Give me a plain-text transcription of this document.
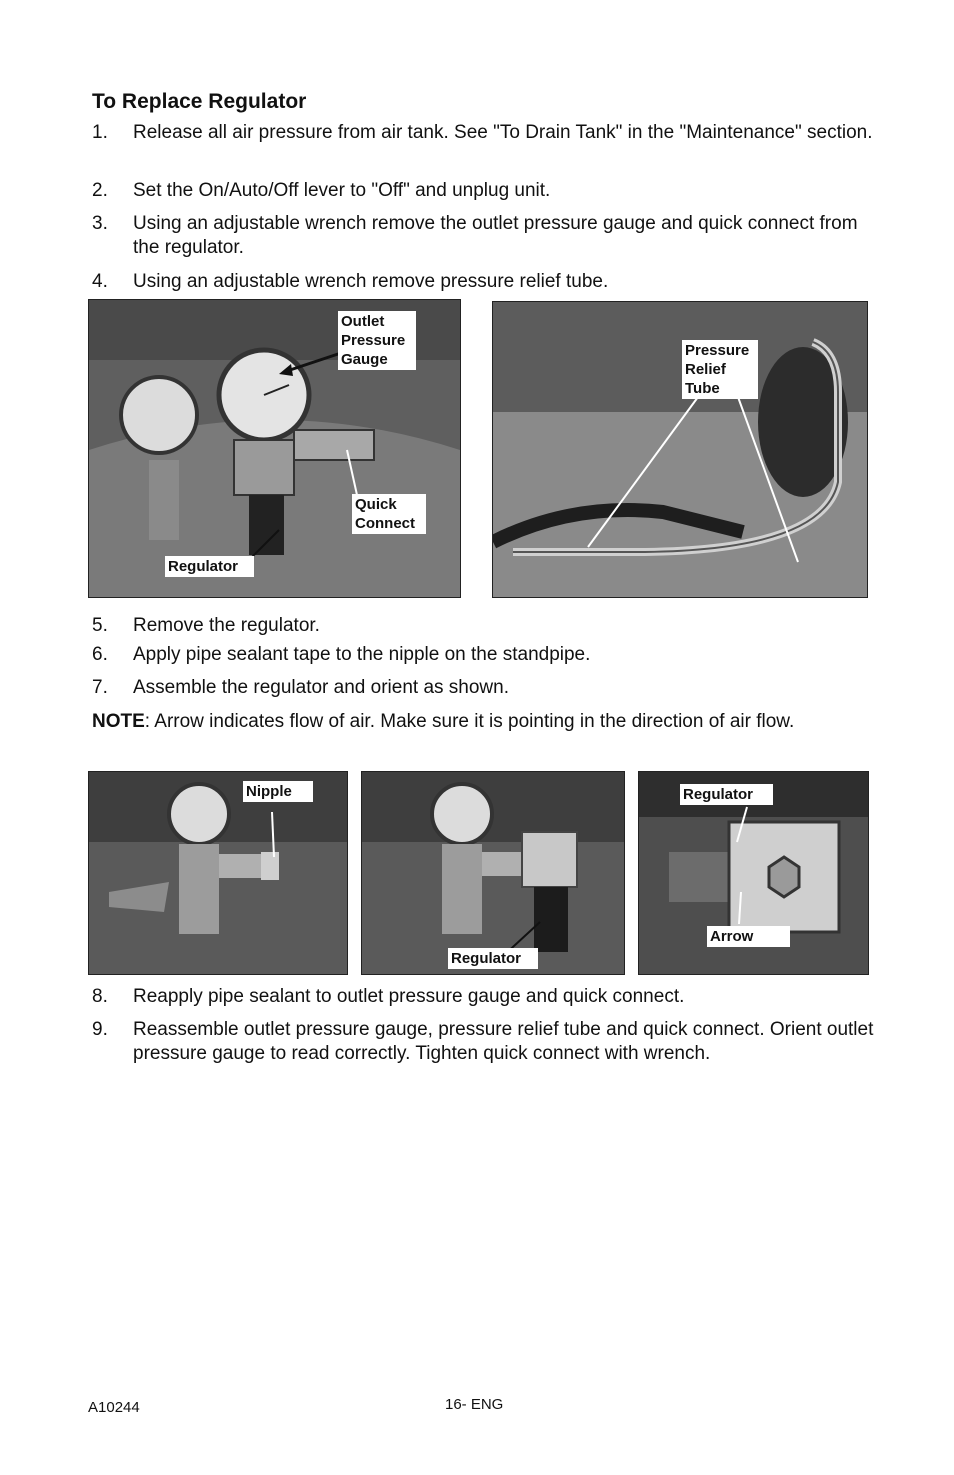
To Replace Regulator
1.	Release all air pressure from air tank. See "To Drain Tank" in the "Maintenance" section.
2.	Set the On/Auto/Off lever to "Off" and unplug unit.
3.	Using an adjustable wrench remove the outlet pressure gauge and quick connect from the regulator.
4.	Using an adjustable wrench remove pressure relief tube.
Outlet Pressure Gauge
Quick Connect
Regulator
Pressure Relief Tube
5.	Remove the regulator.
6.	Apply pipe sealant tape to the nipple on the standpipe.
7.	Assemble the regulator and orient as shown.
NOTE: Arrow indicates flow of air. Make sure it is pointing in the direction of air flow.
Nipple
Regulator
Regulator
Arrow
8.	Reapply pipe sealant to outlet pressure gauge and quick connect.
9.	Reassemble outlet pressure gauge, pressure relief tube and quick connect. Orient outlet pressure gauge to read correctly. Tighten quick connect with wrench.
A10244	16- ENG
